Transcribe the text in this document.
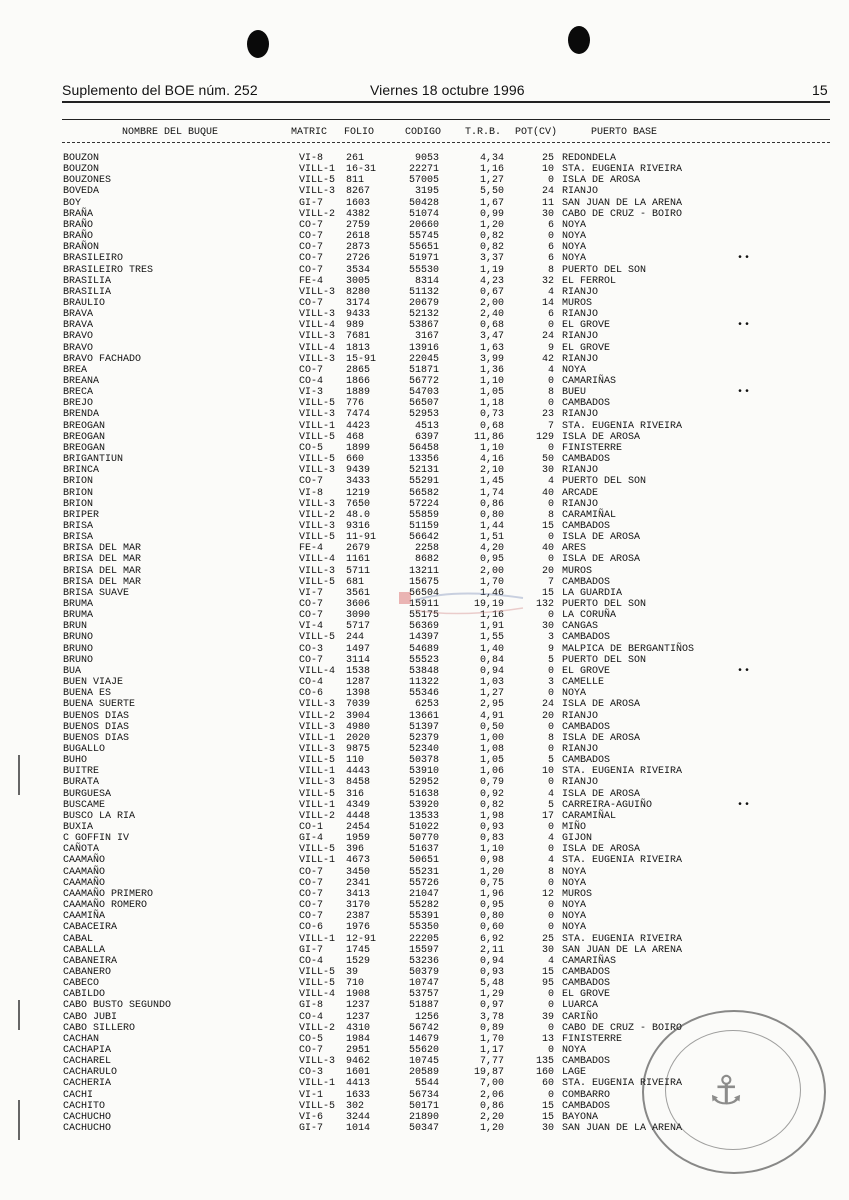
Suplemento del BOE núm. 252	Viernes 18 octubre 1996	15
NOMBRE DEL BUQUE	MATRIC FOLIO	CODIGO T.R.B. POT(CV)	PUERTO BASE
BOUZON	VI-8 261	9053	4,34	25 REDONDELA
BOUZON	VILL-1 16-31	22271	1,16	10 STA. EUGENIA RIVEIRA
BOUZONES	VILL-5 811	57005	1,27	0 ISLA DE AROSA
BOVEDA	VILL-3 8267	3195	5,50	24 RIANJO
BOY	GI-7 1603	50428	1,67	11 SAN JUAN DE LA ARENA
BRAÑA	VILL-2 4382	51074	0,99	30 CABO DE CRUZ - BOIRO
BRAÑO	CO-7 2759	20660	1,20	6 NOYA
BRAÑO	CO-7 2618	55745	0,82	0 NOYA
BRAÑON	CO-7 2873	55651	0,82	6 NOYA
BRASILEIRO	CO-7 2726	51971	3,37	6 NOYA	••
BRASILEIRO TRES	CO-7 3534	55530	1,19	8 PUERTO DEL SON
BRASILIA	FE-4 3005	8314	4,23	32 EL FERROL
BRASILIA	VILL-3 8280	51132	0,67	4 RIANJO
BRAULIO	CO-7 3174	20679	2,00	14 MUROS
BRAVA	VILL-3 9433	52132	2,40	6 RIANJO
BRAVA	VILL-4 989	53867	0,68	0 EL GROVE	••
BRAVO	VILL-3 7681	3167	3,47	24 RIANJO
BRAVO	VILL-4 1813	13916	1,63	9 EL GROVE
BRAVO FACHADO	VILL-3 15-91	22045	3,99	42 RIANJO
BREA	CO-7 2865	51871	1,36	4 NOYA
BREANA	CO-4 1866	56772	1,10	0 CAMARIÑAS
BRECA	VI-3 1889	54703	1,05	8 BUEU	••
BREJO	VILL-5 776	56507	1,18	0 CAMBADOS
BRENDA	VILL-3 7474	52953	0,73	23 RIANJO
BREOGAN	VILL-1 4423	4513	0,68	7 STA. EUGENIA RIVEIRA
BREOGAN	VILL-5 468	6397	11,86	129 ISLA DE AROSA
BREOGAN	CO-5 1899	56458	1,10	0 FINISTERRE
BRIGANTIUN	VILL-5 660	13356	4,16	50 CAMBADOS
BRINCA	VILL-3 9439	52131	2,10	30 RIANJO
BRION	CO-7 3433	55291	1,45	4 PUERTO DEL SON
BRION	VI-8 1219	56582	1,74	40 ARCADE
BRION	VILL-3 7650	57224	0,86	0 RIANJO
BRIPER	VILL-2 48.0	55859	0,80	8 CARAMIÑAL
BRISA	VILL-3 9316	51159	1,44	15 CAMBADOS
BRISA	VILL-5 11-91	56642	1,51	0 ISLA DE AROSA
BRISA DEL MAR	FE-4 2679	2258	4,20	40 ARES
BRISA DEL MAR	VILL-4 1161	8682	0,95	0 ISLA DE AROSA
BRISA DEL MAR	VILL-3 5711	13211	2,00	20 MUROS
BRISA DEL MAR	VILL-5 681	15675	1,70	7 CAMBADOS
BRISA SUAVE	VI-7 3561	56504	1,46	15 LA GUARDIA
BRUMA	CO-7 3606	15911	19,19	132 PUERTO DEL SON
BRUMA	CO-7 3090	55175	1,16	0 LA CORUÑA
BRUN	VI-4 5717	56369	1,91	30 CANGAS
BRUNO	VILL-5 244	14397	1,55	3 CAMBADOS
BRUNO	CO-3 1497	54689	1,40	9 MALPICA DE BERGANTIÑOS
BRUNO	CO-7 3114	55523	0,84	5 PUERTO DEL SON
BUA	VILL-4 1538	53848	0,94	0 EL GROVE	••
BUEN VIAJE	CO-4 1287	11322	1,03	3 CAMELLE
BUENA ES	CO-6 1398	55346	1,27	0 NOYA
BUENA SUERTE	VILL-3 7039	6253	2,95	24 ISLA DE AROSA
BUENOS DIAS	VILL-2 3904	13661	4,91	20 RIANJO
BUENOS DIAS	VILL-3 4980	51397	0,50	0 CAMBADOS
BUENOS DIAS	VILL-1 2020	52379	1,00	8 ISLA DE AROSA
BUGALLO	VILL-3 9875	52340	1,08	0 RIANJO
BUHO	VILL-5 110	50378	1,05	5 CAMBADOS
BUITRE	VILL-1 4443	53910	1,06	10 STA. EUGENIA RIVEIRA
BURATA	VILL-3 8458	52952	0,79	0 RIANJO
BURGUESA	VILL-5 316	51638	0,92	4 ISLA DE AROSA
BUSCAME	VILL-1 4349	53920	0,82	5 CARREIRA-AGUIÑO	••
BUSCO LA RIA	VILL-2 4448	13533	1,98	17 CARAMIÑAL
BUXIA	CO-1 2454	51022	0,93	0 MIÑO
C GOFFIN IV	GI-4 1959	50770	0,83	4 GIJON
CAÑOTA	VILL-5 396	51637	1,10	0 ISLA DE AROSA
CAAMAÑO	VILL-1 4673	50651	0,98	4 STA. EUGENIA RIVEIRA
CAAMAÑO	CO-7 3450	55231	1,20	8 NOYA
CAAMAÑO	CO-7 2341	55726	0,75	0 NOYA
CAAMAÑO PRIMERO	CO-7 3413	21047	1,96	12 MUROS
CAAMAÑO ROMERO	CO-7 3170	55282	0,95	0 NOYA
CAAMIÑA	CO-7 2387	55391	0,80	0 NOYA
CABACEIRA	CO-6 1976	55350	0,60	0 NOYA
CABAL	VILL-1 12-91	22205	6,92	25 STA. EUGENIA RIVEIRA
CABALLA	GI-7 1745	15597	2,11	30 SAN JUAN DE LA ARENA
CABANEIRA	CO-4 1529	53236	0,94	4 CAMARIÑAS
CABANERO	VILL-5 39	50379	0,93	15 CAMBADOS
CABECO	VILL-5 710	10747	5,48	95 CAMBADOS
CABILDO	VILL-4 1908	53757	1,29	0 EL GROVE
CABO BUSTO SEGUNDO	GI-8 1237	51887	0,97	0 LUARCA
CABO JUBI	CO-4 1237	1256	3,78	39 CARIÑO
CABO SILLERO	VILL-2 4310	56742	0,89	0 CABO DE CRUZ - BOIRO
CACHAN	CO-5 1984	14679	1,70	13 FINISTERRE
CACHAPIA	CO-7 2951	55620	1,17	0 NOYA
CACHAREL	VILL-3 9462	10745	7,77	135 CAMBADOS
CACHARULO	CO-3 1601	20589	19,87	160 LAGE
CACHERIA	VILL-1 4413	5544	7,00	60 STA. EUGENIA RIVEIRA
CACHI	VI-1 1633	56734	2,06	0 COMBARRO
CACHITO	VILL-5 302	50171	0,86	15 CAMBADOS
CACHUCHO	VI-6 3244	21890	2,20	15 BAYONA
CACHUCHO	GI-7 1014	50347	1,20	30 SAN JUAN DE LA ARENA
⚓
